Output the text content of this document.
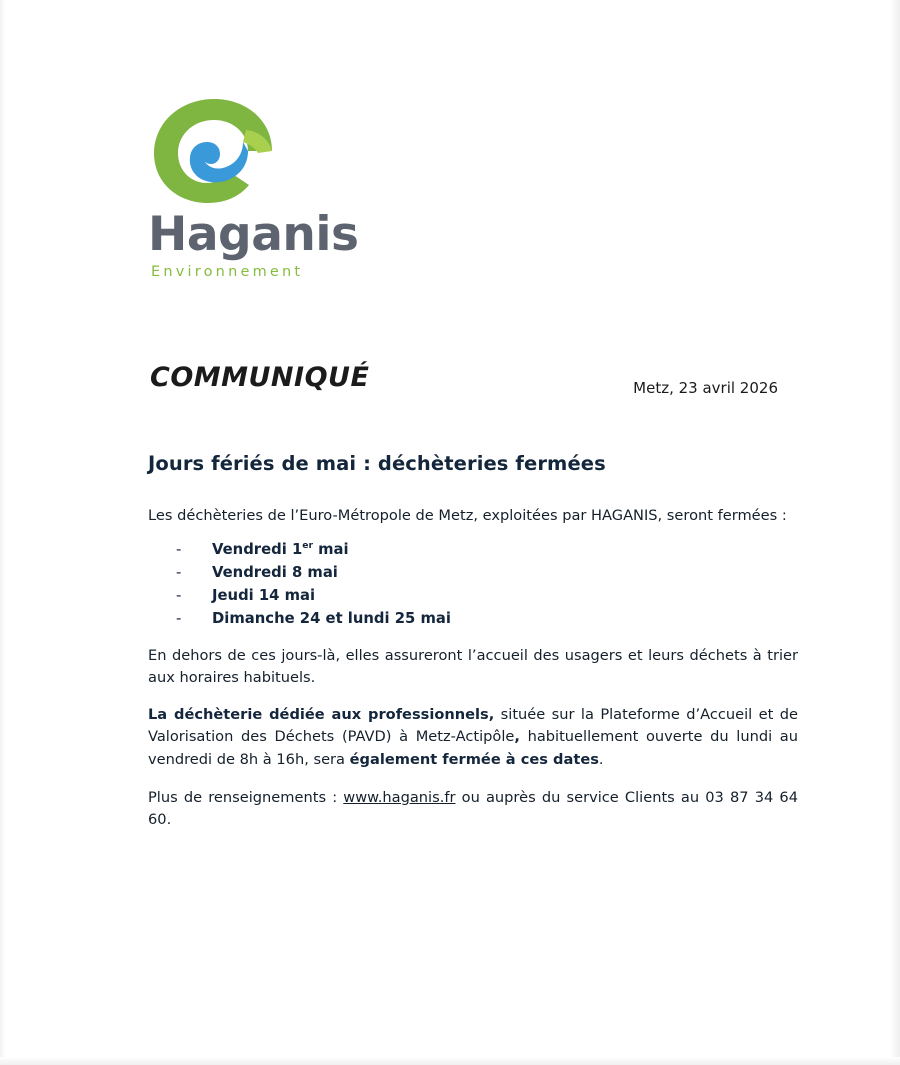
Haganis
Environnement
COMMUNIQUÉ	Metz, 23 avril 2026
Jours fériés de mai : déchèteries fermées

Les déchèteries de l’Euro-Métropole de Metz, exploitées par HAGANIS, seront fermées :

- Vendredi 1er mai
- Vendredi 8 mai
- Jeudi 14 mai
- Dimanche 24 et lundi 25 mai

En dehors de ces jours-là, elles assureront l’accueil des usagers et leurs déchets à trier aux horaires habituels.

La déchèterie dédiée aux professionnels, située sur la Plateforme d’Accueil et de Valorisation des Déchets (PAVD) à Metz-Actipôle, habituellement ouverte du lundi au vendredi de 8h à 16h, sera également fermée à ces dates.

Plus de renseignements : www.haganis.fr ou auprès du service Clients au 03 87 34 64 60.
